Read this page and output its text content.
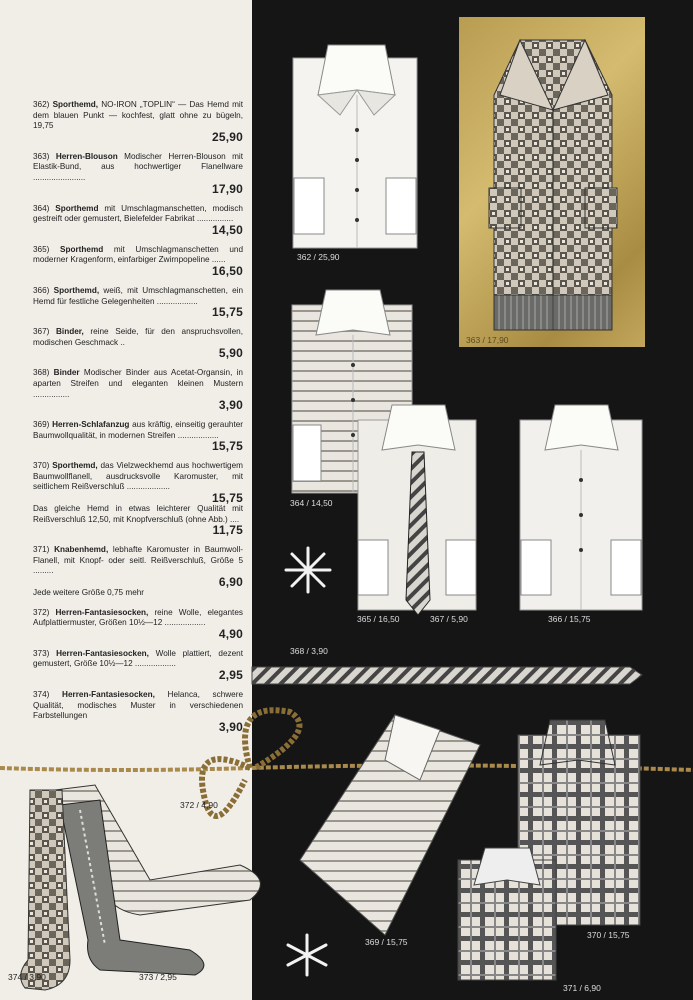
362) Sporthemd, NO-IRON „TOPLIN“ — Das Hemd mit dem blauen Punkt — kochfest, glatt ohne zu bügeln, 19,75
25,90
363) Herren-Blouson Modischer Herren-Blouson mit Elastik-Bund, aus hochwertiger Flanellware .......................
17,90
364) Sporthemd mit Umschlagmanschetten, modisch gestreift oder gemustert, Bielefelder Fabrikat ................
14,50
365) Sporthemd mit Umschlagmanschetten und moderner Kragenform, einfarbiger Zwirnpopeline ......
16,50
366) Sporthemd, weiß, mit Umschlagmanschetten, ein Hemd für festliche Gelegenheiten ..................
15,75
367) Binder, reine Seide, für den anspruchsvollen, modischen Geschmack ..
5,90
368) Binder Modischer Binder aus Acetat-Organsin, in aparten Streifen und eleganten kleinen Mustern ................
3,90
369) Herren-Schlafanzug aus kräftig, einseitig gerauhter Baumwollqualität, in modernen Streifen ..................
15,75
370) Sporthemd, das Vielzweckhemd aus hochwertigem Baumwollflanell, ausdrucksvolle Karomuster, mit seitlichem Reißverschluß ...................
15,75
Das gleiche Hemd in etwas leichterer Qualität mit Reißverschluß 12,50, mit Knopfverschluß (ohne Abb.) ....
11,75
371) Knabenhemd, lebhafte Karomuster in Baumwoll-Flanell, mit Knopf- oder seitl. Reißverschluß, Größe 5 .........
6,90
Jede weitere Größe 0,75 mehr
372) Herren-Fantasiesocken, reine Wolle, elegantes Aufplattiermuster, Größen 10½—12 ..................
4,90
373) Herren-Fantasiesocken, Wolle plattiert, dezent gemustert, Größe 10½—12 ..................
2,95
374) Herren-Fantasiesocken, Helanca, schwere Qualität, modisches Muster in verschiedenen Farbstellungen
3,90
362 / 25,90
363 / 17,90
364 / 14,50
365 / 16,50	367 / 5,90	366 / 15,75
368 / 3,90
369 / 15,75
370 / 15,75
371 / 6,90
372 / 4,90
373 / 2,95
374 / 3,90
